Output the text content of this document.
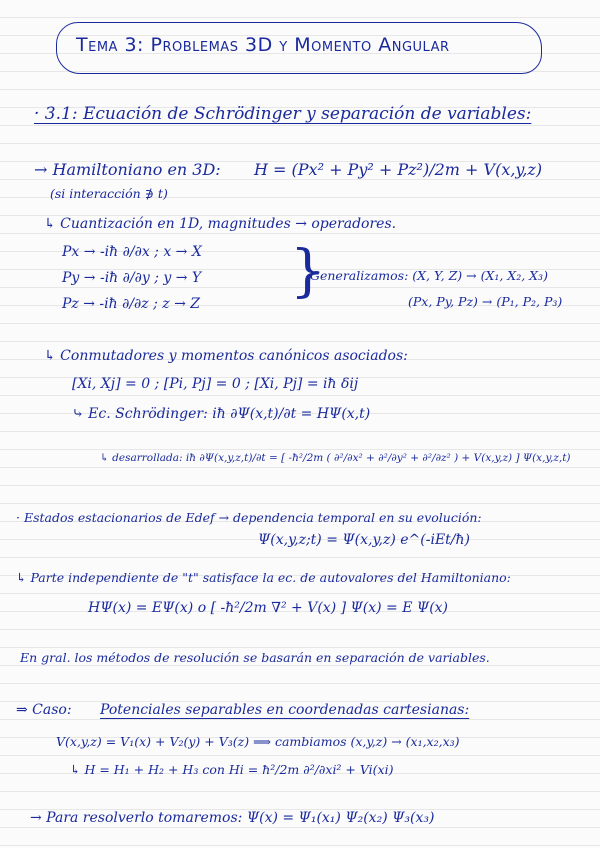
Tema 3: Problemas 3D y Momento Angular
· 3.1: Ecuación de Schrödinger y separación de variables:
→ Hamiltoniano en 3D: H = (Px² + Py² + Pz²)/2m + V(x,y,z)
(si interacción ∌ t)
↳ Cuantización en 1D, magnitudes → operadores.
Px → -iħ ∂/∂x ; x → X
Py → -iħ ∂/∂y ; y → Y
Pz → -iħ ∂/∂z ; z → Z }
Generalizamos: (X, Y, Z) → (X₁, X₂, X₃)
(Px, Py, Pz) → (P₁, P₂, P₃)
↳ Conmutadores y momentos canónicos asociados:
[Xi, Xj] = 0 ; [Pi, Pj] = 0 ; [Xi, Pj] = iħ δij
⤷ Ec. Schrödinger: iħ ∂Ψ(x,t)/∂t = HΨ(x,t)
↳ desarrollada: iħ ∂Ψ(x,y,z,t)/∂t = [ -ħ²/2m ( ∂²/∂x² + ∂²/∂y² + ∂²/∂z² ) + V(x,y,z) ] Ψ(x,y,z,t)
· Estados estacionarios de Edef → dependencia temporal en su evolución:
Ψ(x,y,z;t) = Ψ(x,y,z) e^(-iEt/ħ)
↳ Parte independiente de "t" satisface la ec. de autovalores del Hamiltoniano:
HΨ(x) = EΨ(x) o [ -ħ²/2m ∇² + V(x) ] Ψ(x) = E Ψ(x)
En gral. los métodos de resolución se basarán en separación de variables.
⇒ Caso: Potenciales separables en coordenadas cartesianas:
V(x,y,z) = V₁(x) + V₂(y) + V₃(z) ⟹ cambiamos (x,y,z) → (x₁,x₂,x₃)
↳ H = H₁ + H₂ + H₃ con Hi = ħ²/2m ∂²/∂xi² + Vi(xi)
→ Para resolverlo tomaremos: Ψ(x) = Ψ₁(x₁) Ψ₂(x₂) Ψ₃(x₃)
